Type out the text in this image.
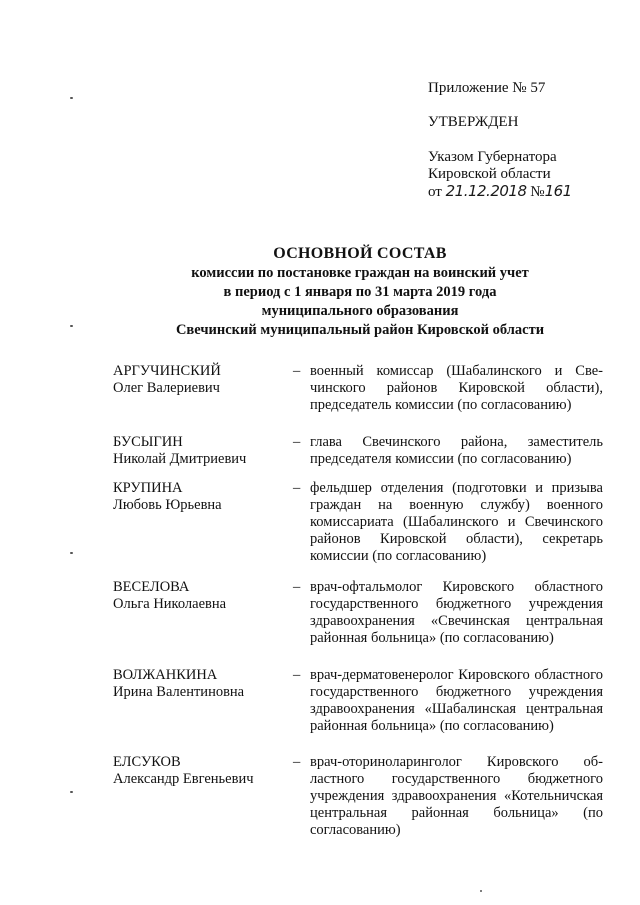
Приложение № 57
УТВЕРЖДЕН
Указом Губернатора
Кировской области
от 21.12.2018 №161
ОСНОВНОЙ СОСТАВ
комиссии по постановке граждан на воинский учет
в период с 1 января по 31 марта 2019 года
муниципального образования
Свечинский муниципальный район Кировской области
АРГУЧИНСКИЙ
Олег Валериевич
– военный комиссар (Шабалинского и Свечинского районов Кировской области), председатель комиссии (по согласованию)
БУСЫГИН
Николай Дмитриевич
– глава Свечинского района, заместитель председателя комиссии (по согласованию)
КРУПИНА
Любовь Юрьевна
– фельдшер отделения (подготовки и призыва граждан на военную службу) военного комиссариата (Шабалинского и Свечинского районов Кировской области), секретарь комиссии (по согласованию)
ВЕСЕЛОВА
Ольга Николаевна
– врач-офтальмолог Кировского областного государственного бюджетного учреждения здравоохранения «Свечинская центральная районная больница» (по согласованию)
ВОЛЖАНКИНА
Ирина Валентиновна
– врач-дерматовенеролог Кировского областного государственного бюджетного учреждения здравоохранения «Шабалинская центральная районная больница» (по согласованию)
ЕЛСУКОВ
Александр Евгеньевич
– врач-оториноларинголог Кировского областного государственного бюджетного учреждения здравоохранения «Котельничская центральная районная больница» (по согласованию)
